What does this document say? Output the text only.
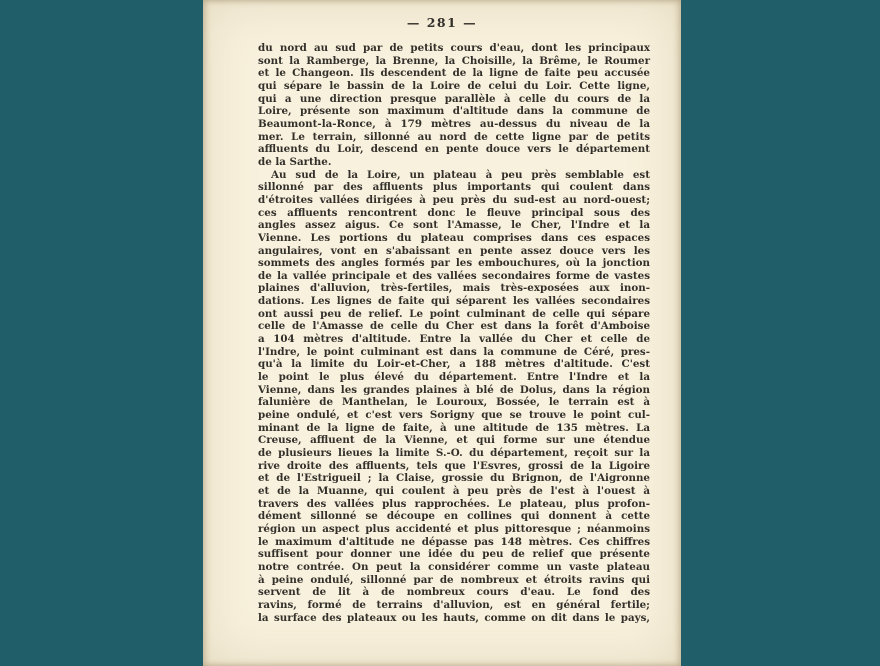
— 281 —
du nord au sud par de petits cours d'eau, dont les principaux
sont la Ramberge, la Brenne, la Choisille, la Brême, le Roumer
et le Changeon. Ils descendent de la ligne de faite peu accusée
qui sépare le bassin de la Loire de celui du Loir. Cette ligne,
qui a une direction presque parallèle à celle du cours de la
Loire, présente son maximum d'altitude dans la commune de
Beaumont-la-Ronce, à 179 mètres au-dessus du niveau de la
mer. Le terrain, sillonné au nord de cette ligne par de petits
affluents du Loir, descend en pente douce vers le département
de la Sarthe.
Au sud de la Loire, un plateau à peu près semblable est
sillonné par des affluents plus importants qui coulent dans
d'étroites vallées dirigées à peu près du sud-est au nord-ouest;
ces affluents rencontrent donc le fleuve principal sous des
angles assez aigus. Ce sont l'Amasse, le Cher, l'Indre et la
Vienne. Les portions du plateau comprises dans ces espaces
angulaires, vont en s'abaissant en pente assez douce vers les
sommets des angles formés par les embouchures, où la jonction
de la vallée principale et des vallées secondaires forme de vastes
plaines d'alluvion, très-fertiles, mais très-exposées aux inon-
dations. Les lignes de faite qui séparent les vallées secondaires
ont aussi peu de relief. Le point culminant de celle qui sépare
celle de l'Amasse de celle du Cher est dans la forêt d'Amboise
a 104 mètres d'altitude. Entre la vallée du Cher et celle de
l'Indre, le point culminant est dans la commune de Céré, pres-
qu'à la limite du Loir-et-Cher, a 188 mètres d'altitude. C'est
le point le plus élevé du département. Entre l'Indre et la
Vienne, dans les grandes plaines à blé de Dolus, dans la région
falunière de Manthelan, le Louroux, Bossée, le terrain est à
peine ondulé, et c'est vers Sorigny que se trouve le point cul-
minant de la ligne de faite, à une altitude de 135 mètres. La
Creuse, affluent de la Vienne, et qui forme sur une étendue
de plusieurs lieues la limite S.-O. du département, reçoit sur la
rive droite des affluents, tels que l'Esvres, grossi de la Ligoire
et de l'Estrigueil ; la Claise, grossie du Brignon, de l'Aigronne
et de la Muanne, qui coulent à peu près de l'est à l'ouest à
travers des vallées plus rapprochées. Le plateau, plus profon-
dément sillonné se découpe en collines qui donnent à cette
région un aspect plus accidenté et plus pittoresque ; néanmoins
le maximum d'altitude ne dépasse pas 148 mètres. Ces chiffres
suffisent pour donner une idée du peu de relief que présente
notre contrée. On peut la considérer comme un vaste plateau
à peine ondulé, sillonné par de nombreux et étroits ravins qui
servent de lit à de nombreux cours d'eau. Le fond des
ravins, formé de terrains d'alluvion, est en général fertile;
la surface des plateaux ou les hauts, comme on dit dans le pays,
